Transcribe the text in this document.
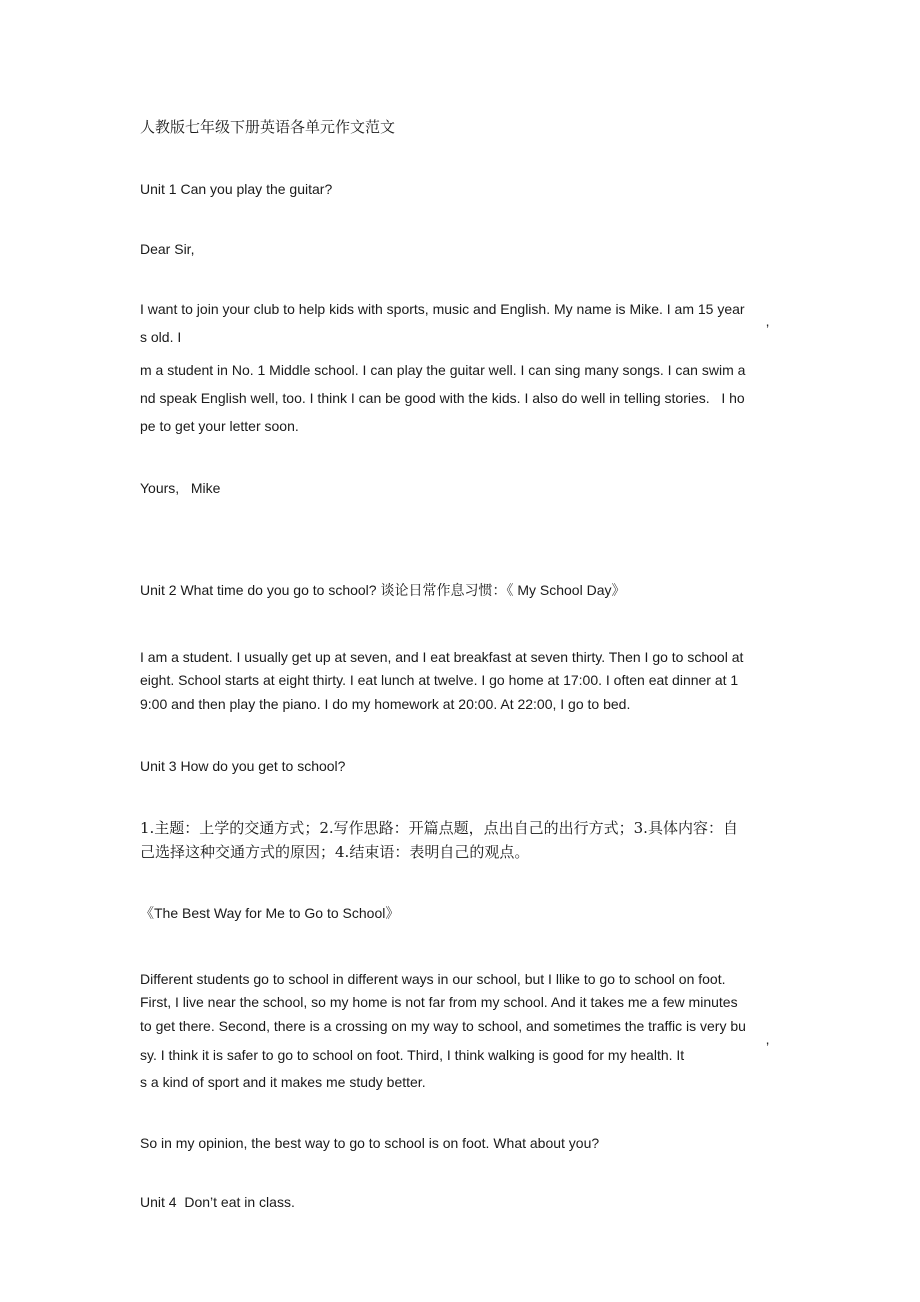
人教版七年级下册英语各单元作文范文

Unit 1 Can you play the guitar?

Dear Sir,

I want to join your club to help kids with sports, music and English. My name is Mike. I am 15 year

s old. I	’

m a student in No. 1 Middle school. I can play the guitar well. I can sing many songs. I can swim a

nd speak English well, too. I think I can be good with the kids. I also do well in telling stories.   I ho

pe to get your letter soon.

Yours,   Mike

Unit 2 What time do you go to school? 谈论日常作息习惯：《 My School Day》

I am a student. I usually get up at seven, and I eat breakfast at seven thirty. Then I go to school at

eight. School starts at eight thirty. I eat lunch at twelve. I go home at 17:00. I often eat dinner at 1

9:00 and then play the piano. I do my homework at 20:00. At 22:00, I go to bed.

Unit 3 How do you get to school?

1.主题：上学的交通方式；2.写作思路：开篇点题，点出自己的出行方式；3.具体内容：自

己选择这种交通方式的原因；4.结束语：表明自己的观点。

《The Best Way for Me to Go to School》

Different students go to school in different ways in our school, but I llike to go to school on foot.

First, I live near the school, so my home is not far from my school. And it takes me a few minutes

to get there. Second, there is a crossing on my way to school, and sometimes the traffic is very bu

sy. I think it is safer to go to school on foot. Third, I think walking is good for my health. It	’

s a kind of sport and it makes me study better.

So in my opinion, the best way to go to school is on foot. What about you?

Unit 4  Don’t eat in class.
